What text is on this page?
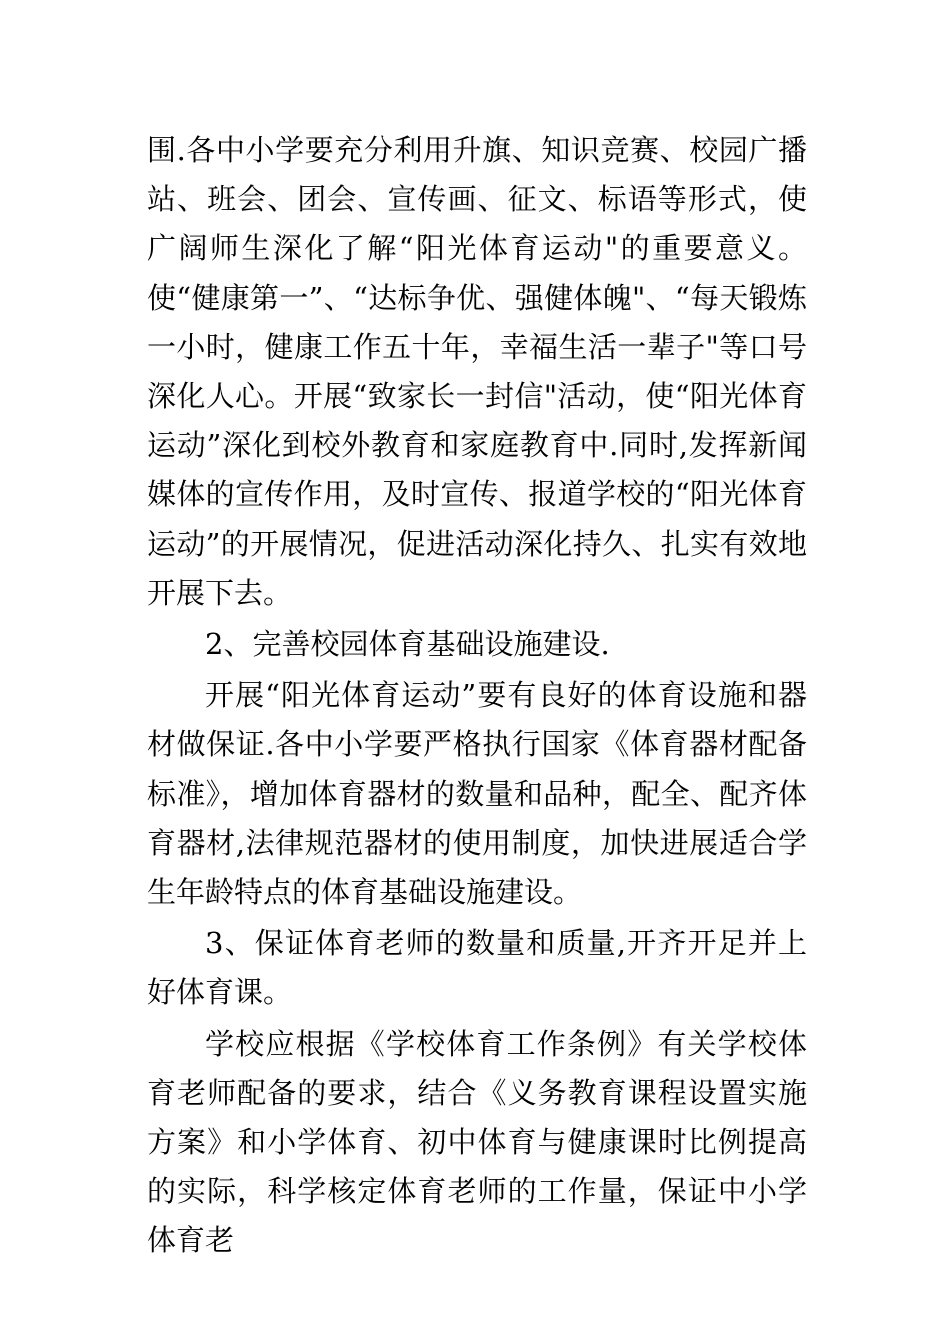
围.各中小学要充分利用升旗、知识竞赛、校园广播站、班会、团会、宣传画、征文、标语等形式，使广阔师生深化了解“阳光体育运动"的重要意义。使“健康第一”、“达标争优、强健体魄"、“每天锻炼一小时，健康工作五十年，幸福生活一辈子"等口号深化人心。开展“致家长一封信"活动，使“阳光体育运动”深化到校外教育和家庭教育中.同时,发挥新闻媒体的宣传作用，及时宣传、报道学校的“阳光体育运动”的开展情况，促进活动深化持久、扎实有效地开展下去。

2、完善校园体育基础设施建设.

开展“阳光体育运动”要有良好的体育设施和器材做保证.各中小学要严格执行国家《体育器材配备标准》，增加体育器材的数量和品种，配全、配齐体育器材,法律规范器材的使用制度，加快进展适合学生年龄特点的体育基础设施建设。

3、保证体育老师的数量和质量,开齐开足并上好体育课。

学校应根据《学校体育工作条例》有关学校体育老师配备的要求，结合《义务教育课程设置实施方案》和小学体育、初中体育与健康课时比例提高的实际，科学核定体育老师的工作量，保证中小学体育老
